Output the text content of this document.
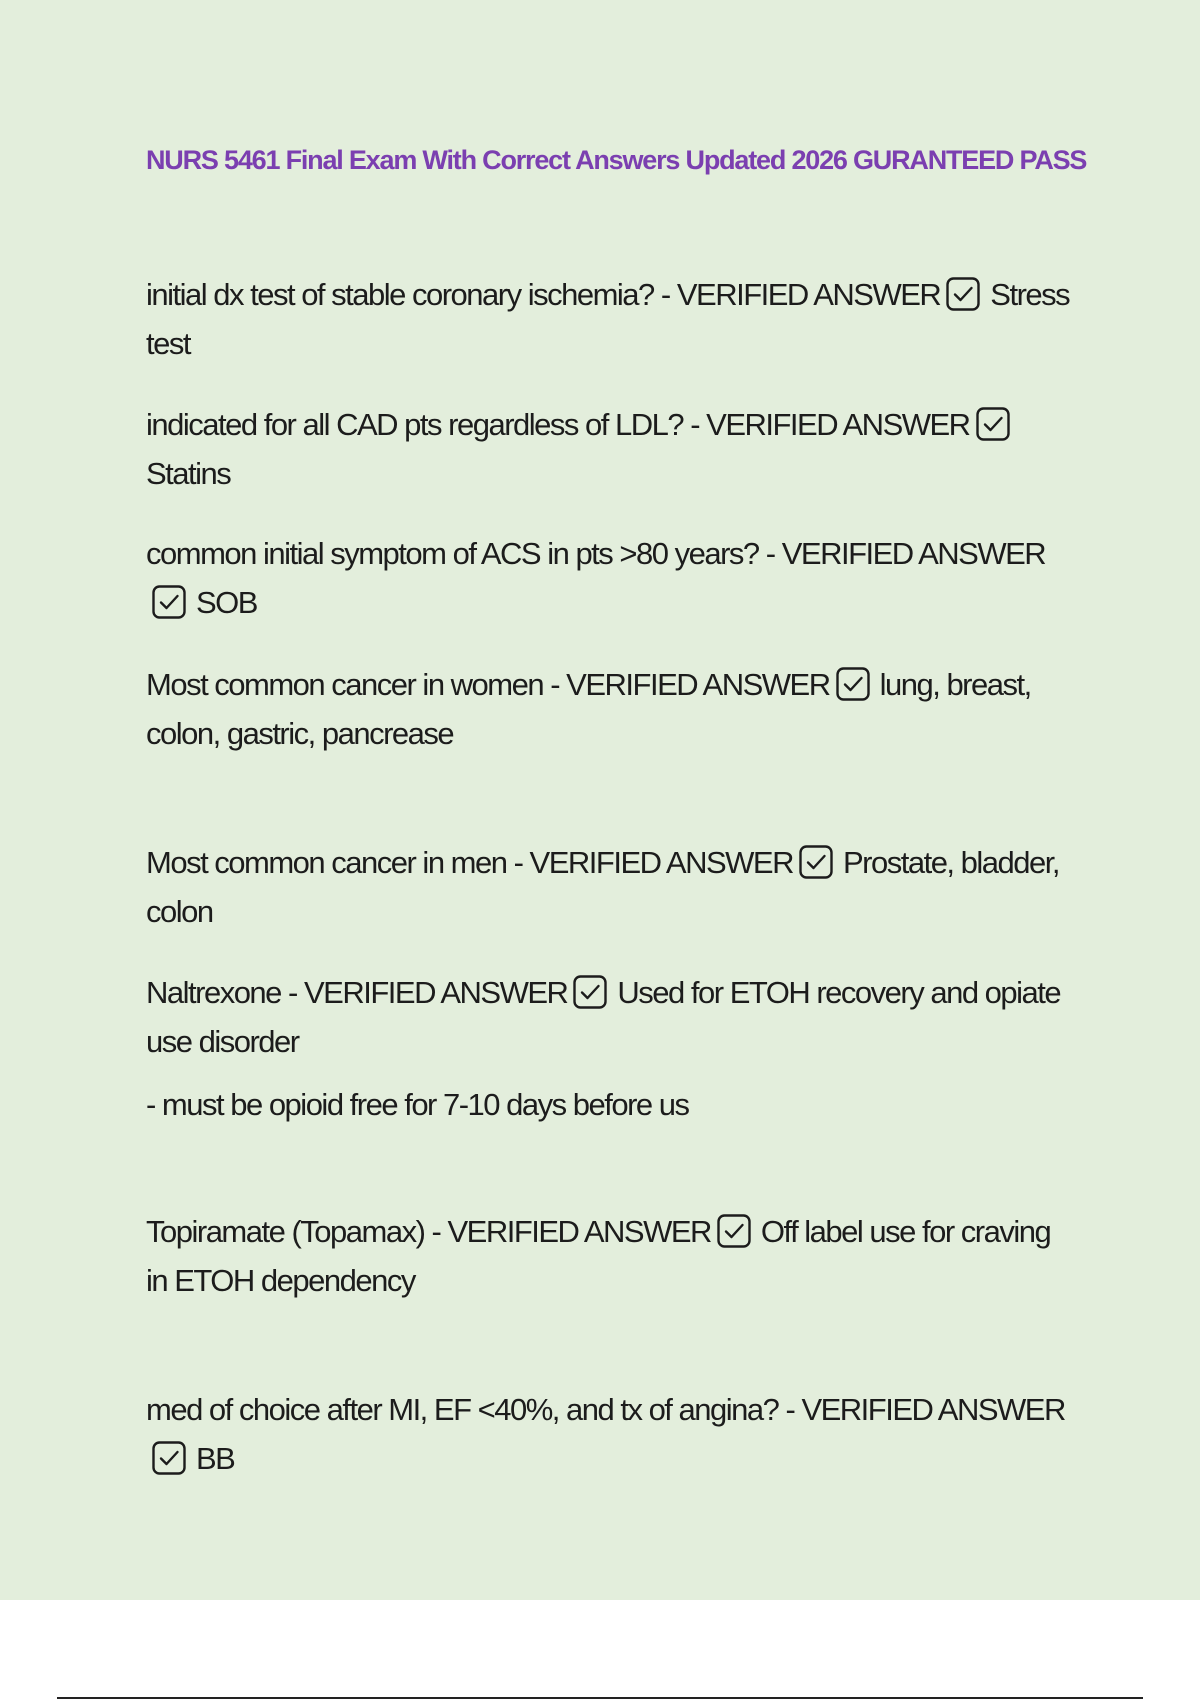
NURS 5461 Final Exam With Correct Answers Updated 2026 GURANTEED PASS
initial dx test of stable coronary ischemia? - VERIFIED ANSWER Stress test
indicated for all CAD pts regardless of LDL? - VERIFIED ANSWER
Statins
common initial symptom of ACS in pts >80 years? - VERIFIED ANSWER
SOB
Most common cancer in women - VERIFIED ANSWER lung, breast, colon, gastric, pancrease
Most common cancer in men - VERIFIED ANSWER Prostate, bladder, colon
Naltrexone - VERIFIED ANSWER Used for ETOH recovery and opiate use disorder
- must be opioid free for 7-10 days before us
Topiramate (Topamax) - VERIFIED ANSWER Off label use for craving in ETOH dependency
med of choice after MI, EF <40%, and tx of angina? - VERIFIED ANSWER
BB
